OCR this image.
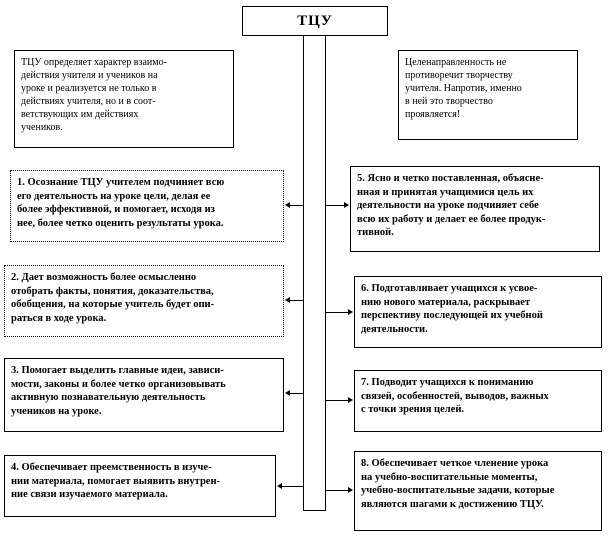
ТЦУ
ТЦУ определяет характер взаимо-
действия учителя и учеников на
уроке и реализуется не только в
действиях учителя, но и в соот-
ветствующих им действиях
учеников.
Целенаправленность не
противоречит творчеству
учителя. Напротив, именно
в ней это творчество
проявляется!
1. Осознание ТЦУ учителем подчиняет всю
его деятельность на уроке цели, делая ее
более эффективной, и помогает, исходя из
нее, более четко оценить результаты урока.
2. Дает возможность более осмысленно
отобрать факты, понятия, доказательства,
обобщения, на которые учитель будет опи-
раться в ходе урока.
3. Помогает выделить главные идеи, зависи-
мости, законы и более четко организовывать
активную познавательную деятельность
учеников на уроке.
4. Обеспечивает преемственность в изуче-
нии материала, помогает выявить внутрен-
ние связи изучаемого материала.
5. Ясно и четко поставленная, объясне-
нная и принятая учащимися цель их
деятельности на уроке подчиняет себе
всю их работу и делает ее более продук-
тивной.
6. Подготавливает учащихся к усвое-
нию нового материала, раскрывает
перспективу последующей их учебной
деятельности.
7. Подводит учащихся к пониманию
связей, особенностей, выводов, важных
с точки зрения целей.
8. Обеспечивает четкое членение урока
на учебно-воспитательные моменты,
учебно-воспитательные задачи, которые
являются шагами к достижению ТЦУ.
